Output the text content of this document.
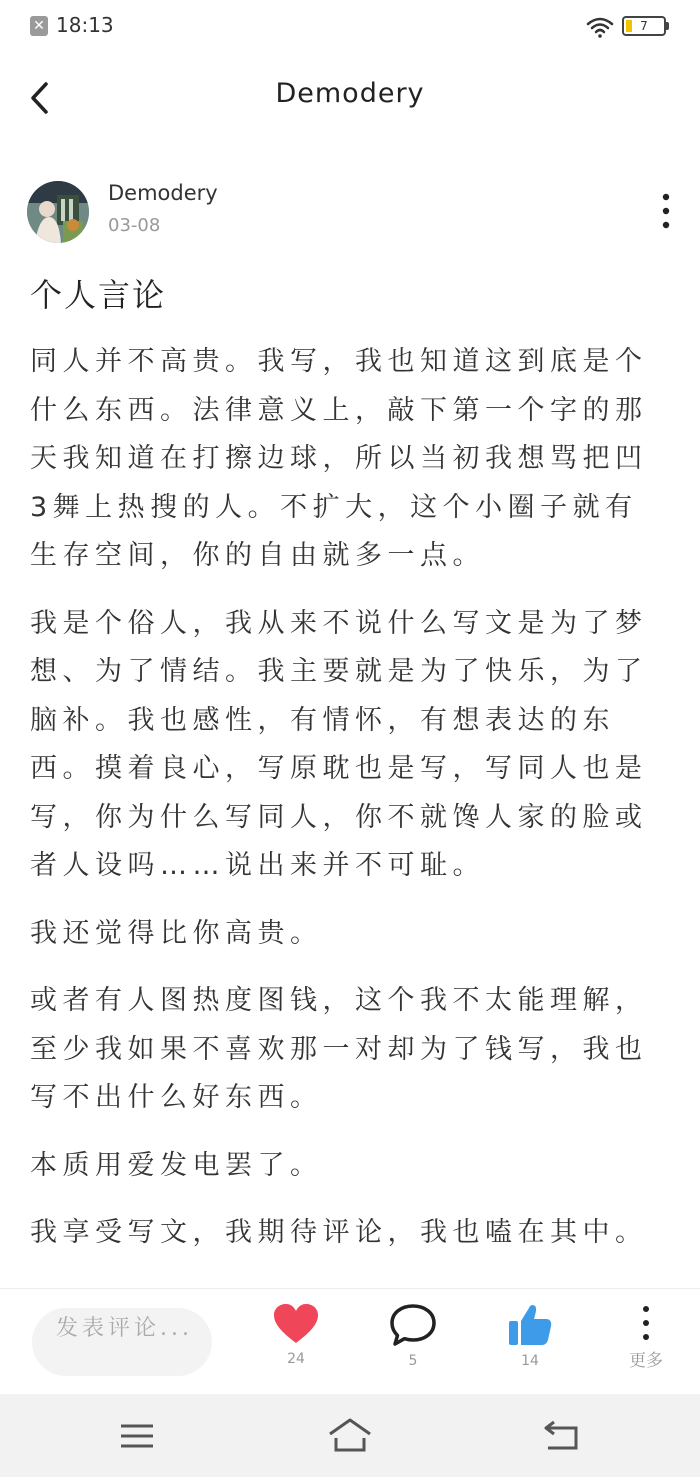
✕ 18:13	7
Demodery
Demodery
03-08
个人言论

同人并不高贵。我写，我也知道这到底是个什么东西。法律意义上，敲下第一个字的那天我知道在打擦边球，所以当初我想骂把凹3舞上热搜的人。不扩大，这个小圈子就有生存空间，你的自由就多一点。

我是个俗人，我从来不说什么写文是为了梦想、为了情结。我主要就是为了快乐，为了脑补。我也感性，有情怀，有想表达的东西。摸着良心，写原耽也是写，写同人也是写，你为什么写同人，你不就馋人家的脸或者人设吗……说出来并不可耻。

我还觉得比你高贵。

或者有人图热度图钱，这个我不太能理解，至少我如果不喜欢那一对却为了钱写，我也写不出什么好东西。

本质用爱发电罢了。

我享受写文，我期待评论，我也嗑在其中。

发表评论...
24	5	14	更多
